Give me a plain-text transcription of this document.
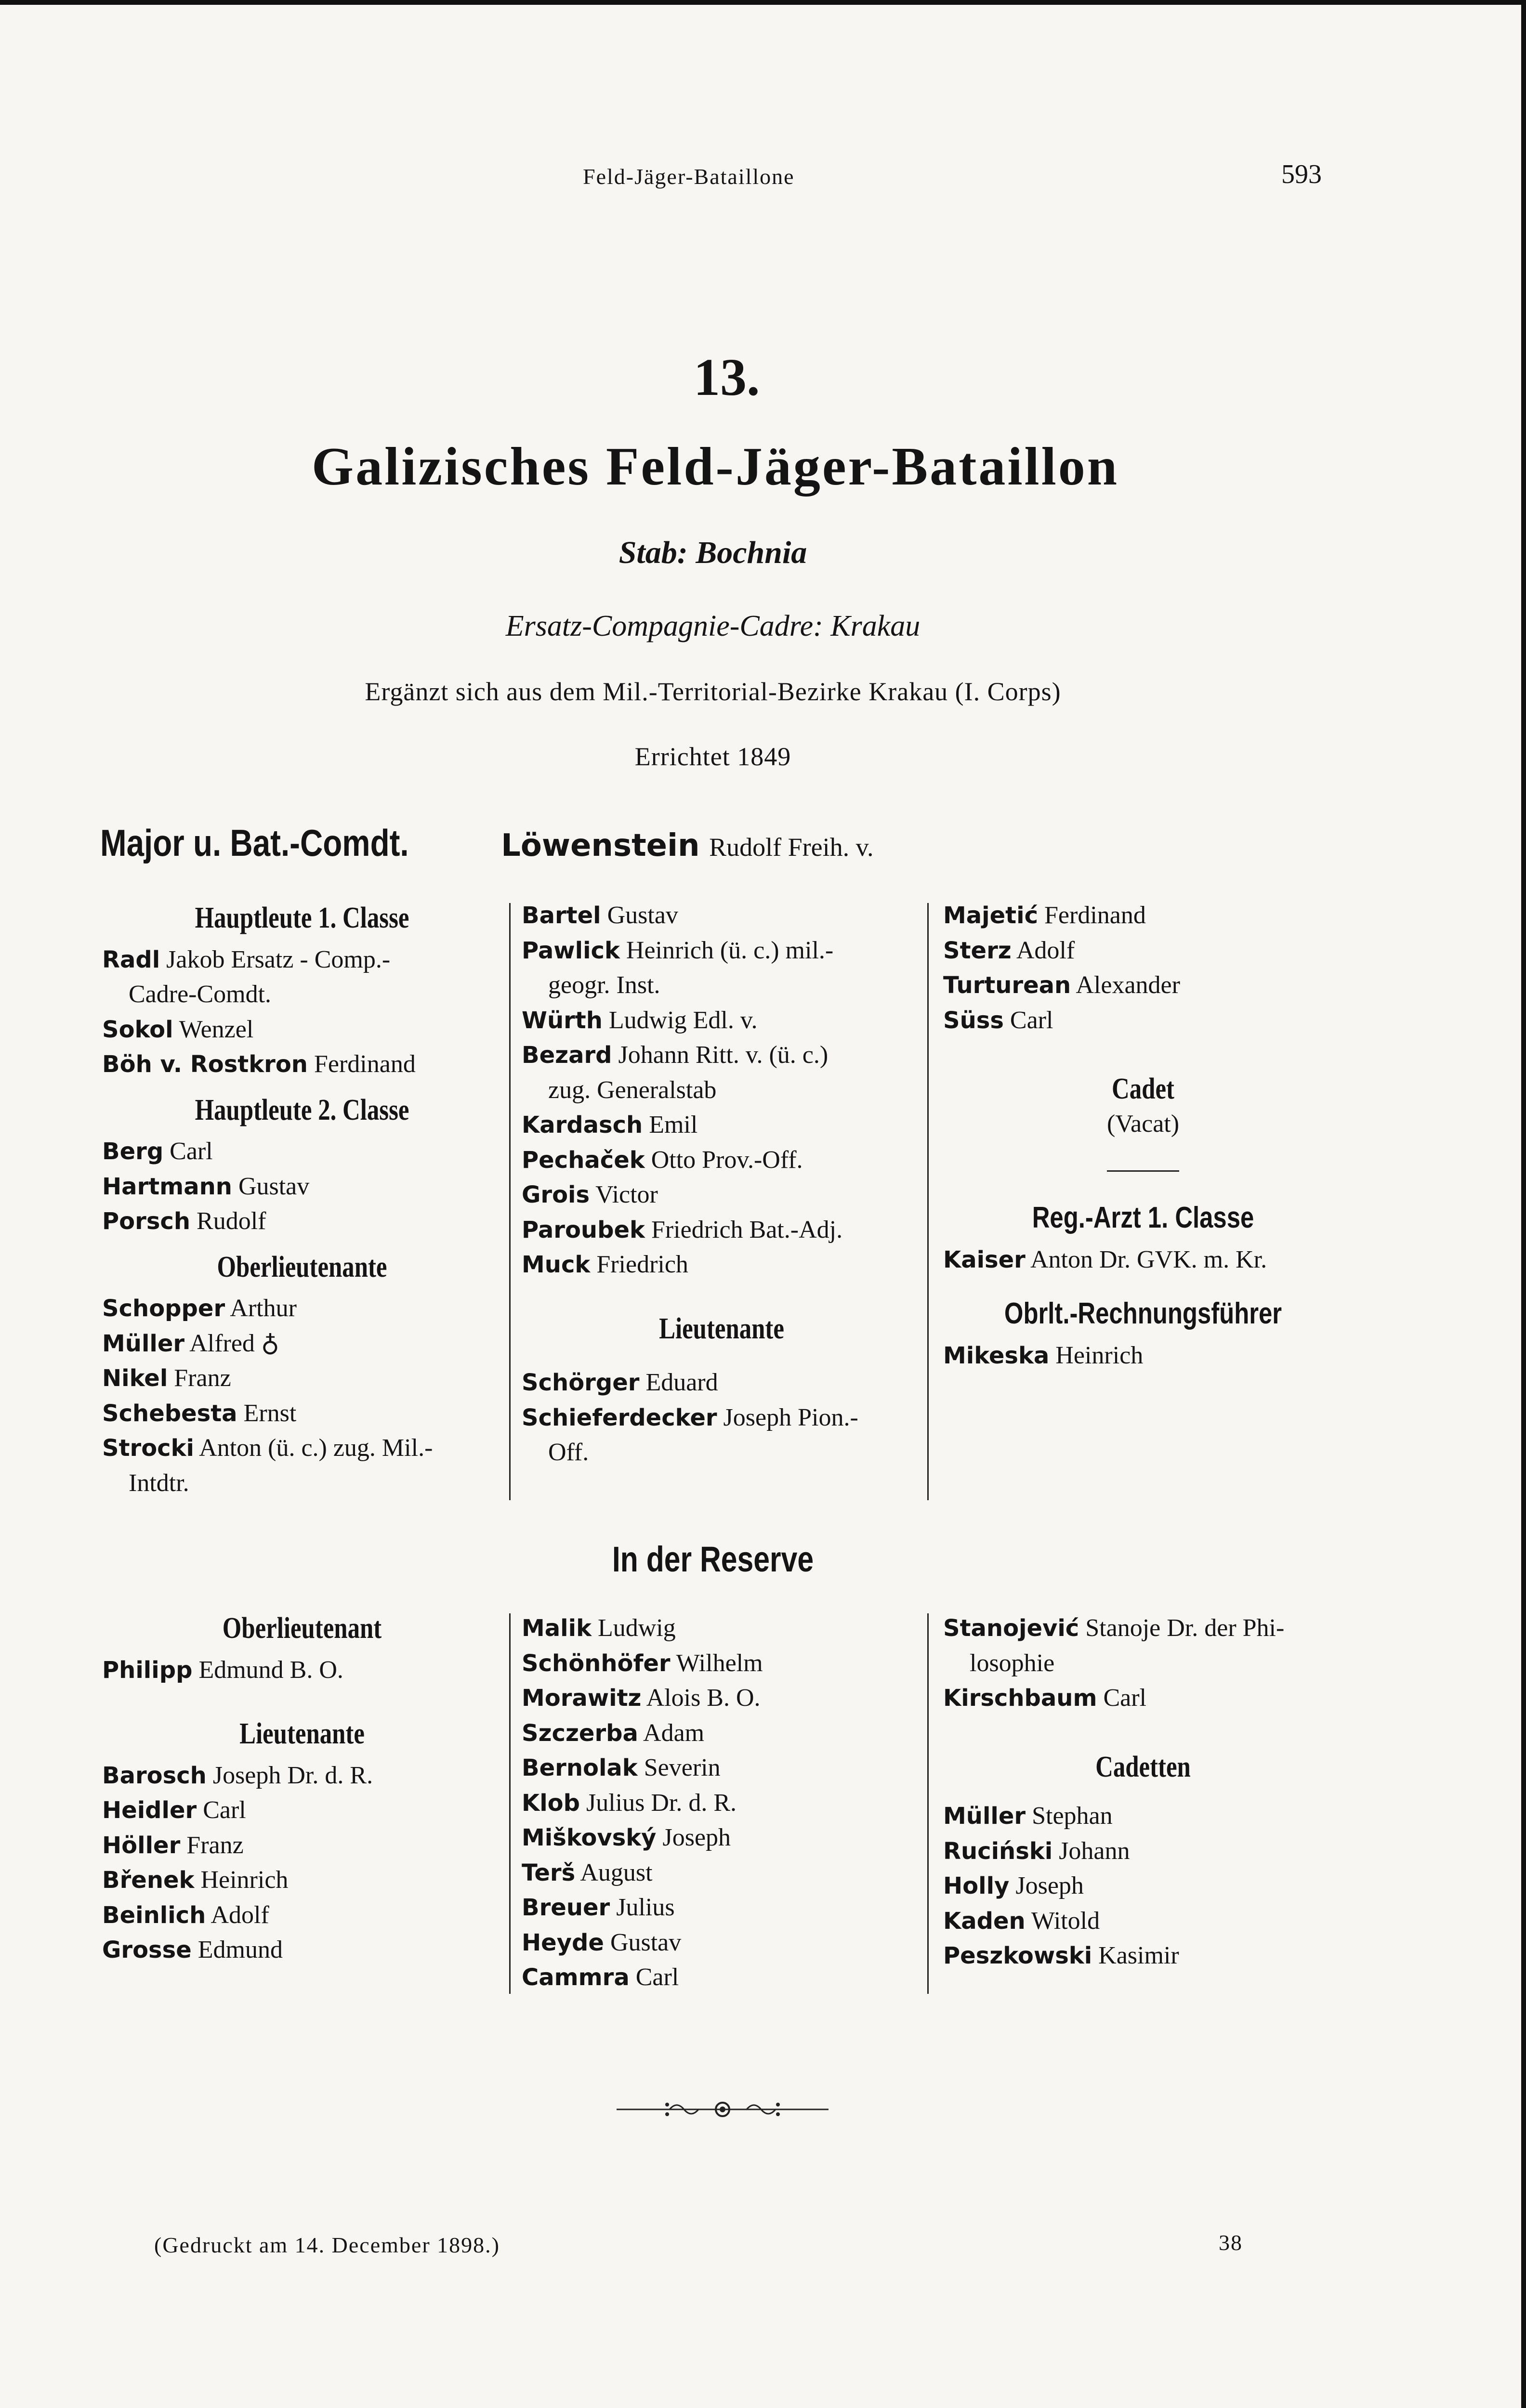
Feld-Jäger-Bataillone	593
13.
Galizisches Feld-Jäger-Bataillon
Stab: Bochnia
Ersatz-Compagnie-Cadre: Krakau
Ergänzt sich aus dem Mil.-Territorial-Bezirke Krakau (I. Corps)
Errichtet 1849
Major u. Bat.-Comdt.	Löwenstein Rudolf Freih. v.
Hauptleute 1. Classe
Radl Jakob Ersatz - Comp.-
Cadre-Comdt.
Sokol Wenzel
Böh v. Rostkron Ferdinand
Hauptleute 2. Classe
Berg Carl
Hartmann Gustav
Porsch Rudolf
Oberlieutenante
Schopper Arthur
Müller Alfred ♁
Nikel Franz
Schebesta Ernst
Strocki Anton (ü. c.) zug. Mil.-
Intdtr.
Bartel Gustav
Pawlick Heinrich (ü. c.) mil.-
geogr. Inst.
Würth Ludwig Edl. v.
Bezard Johann Ritt. v. (ü. c.)
zug. Generalstab
Kardasch Emil
Pechaček Otto Prov.-Off.
Grois Victor
Paroubek Friedrich Bat.-Adj.
Muck Friedrich
Lieutenante
Schörger Eduard
Schieferdecker Joseph Pion.-
Off.
Majetić Ferdinand
Sterz Adolf
Turturean Alexander
Süss Carl
Cadet
(Vacat)
Reg.-Arzt 1. Classe
Kaiser Anton Dr. GVK. m. Kr.
Obrlt.-Rechnungsführer
Mikeska Heinrich
In der Reserve
Oberlieutenant
Philipp Edmund B. O.
Lieutenante
Barosch Joseph Dr. d. R.
Heidler Carl
Höller Franz
Břenek Heinrich
Beinlich Adolf
Grosse Edmund
Malik Ludwig
Schönhöfer Wilhelm
Morawitz Alois B. O.
Szczerba Adam
Bernolak Severin
Klob Julius Dr. d. R.
Miškovský Joseph
Terš August
Breuer Julius
Heyde Gustav
Cammra Carl
Stanojević Stanoje Dr. der Phi-
losophie
Kirschbaum Carl
Cadetten
Müller Stephan
Ruciński Johann
Holly Joseph
Kaden Witold
Peszkowski Kasimir
(Gedruckt am 14. December 1898.)	38
